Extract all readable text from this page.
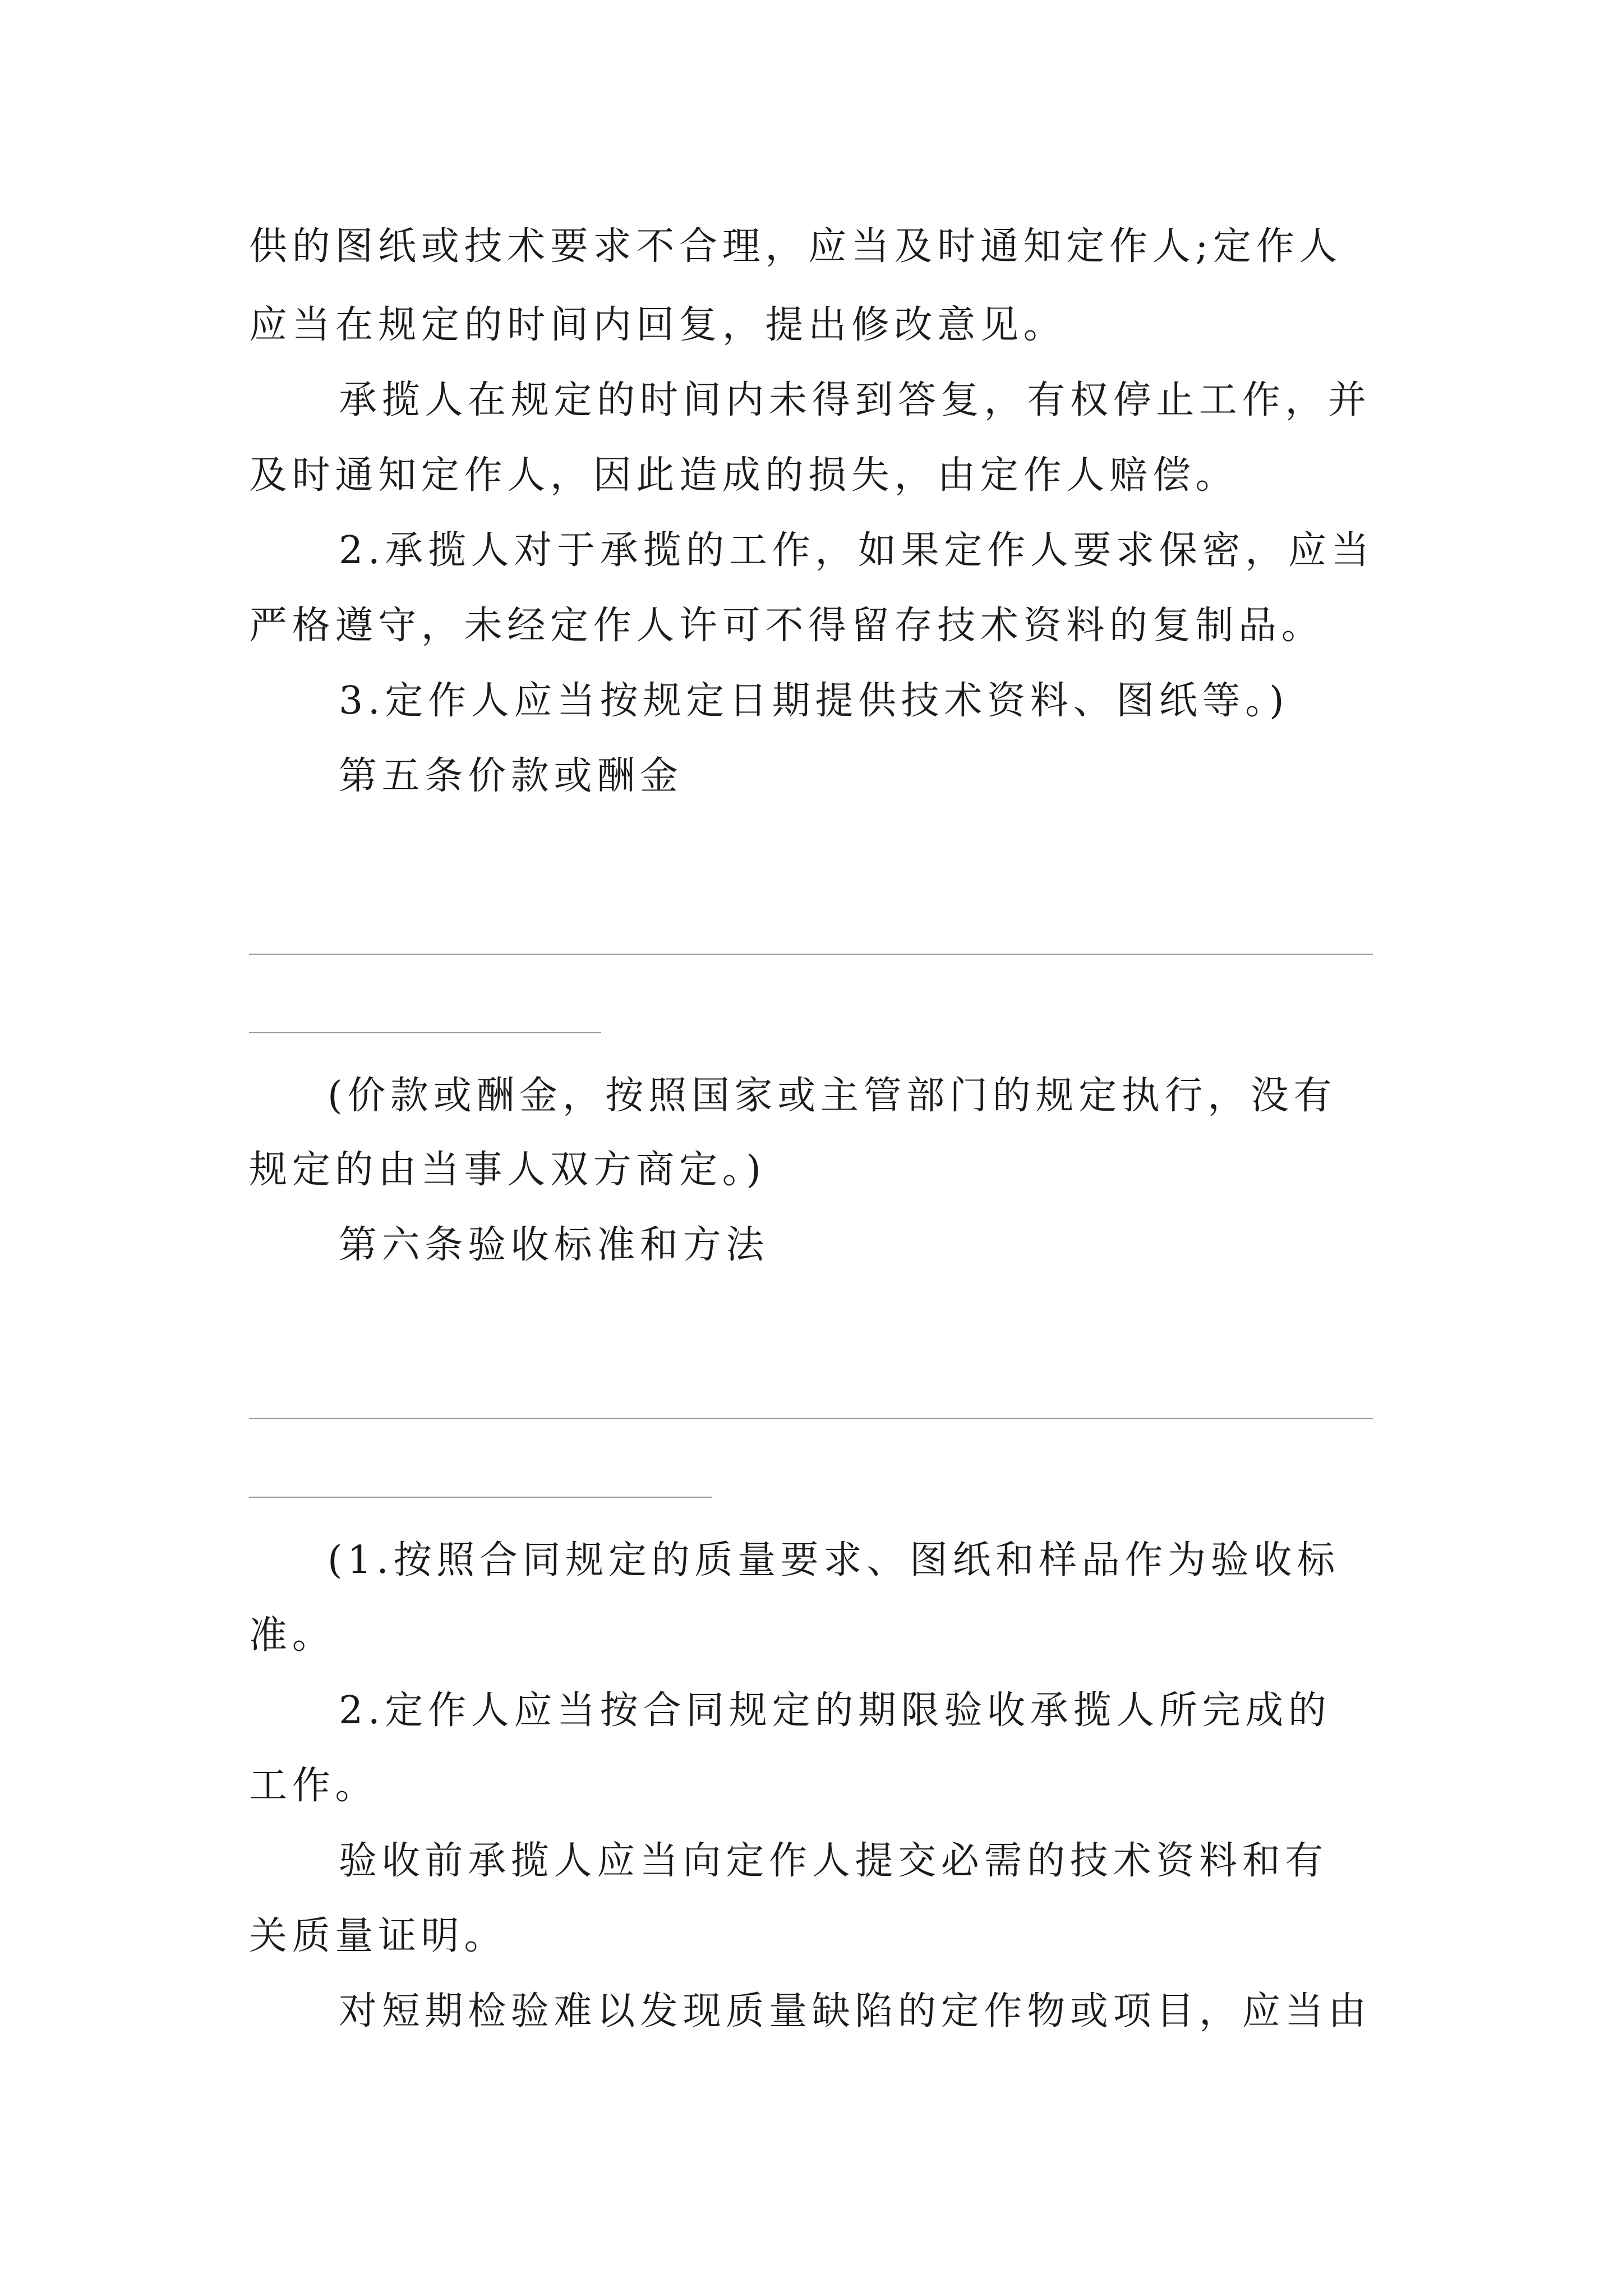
供的图纸或技术要求不合理，应当及时通知定作人;定作人
应当在规定的时间内回复，提出修改意见。
承揽人在规定的时间内未得到答复，有权停止工作，并
及时通知定作人，因此造成的损失，由定作人赔偿。
2.承揽人对于承揽的工作，如果定作人要求保密，应当
严格遵守，未经定作人许可不得留存技术资料的复制品。
3.定作人应当按规定日期提供技术资料、图纸等。)
第五条价款或酬金
(价款或酬金，按照国家或主管部门的规定执行，没有
规定的由当事人双方商定。)
第六条验收标准和方法
(1.按照合同规定的质量要求、图纸和样品作为验收标
准。
2.定作人应当按合同规定的期限验收承揽人所完成的
工作。
验收前承揽人应当向定作人提交必需的技术资料和有
关质量证明。
对短期检验难以发现质量缺陷的定作物或项目，应当由
